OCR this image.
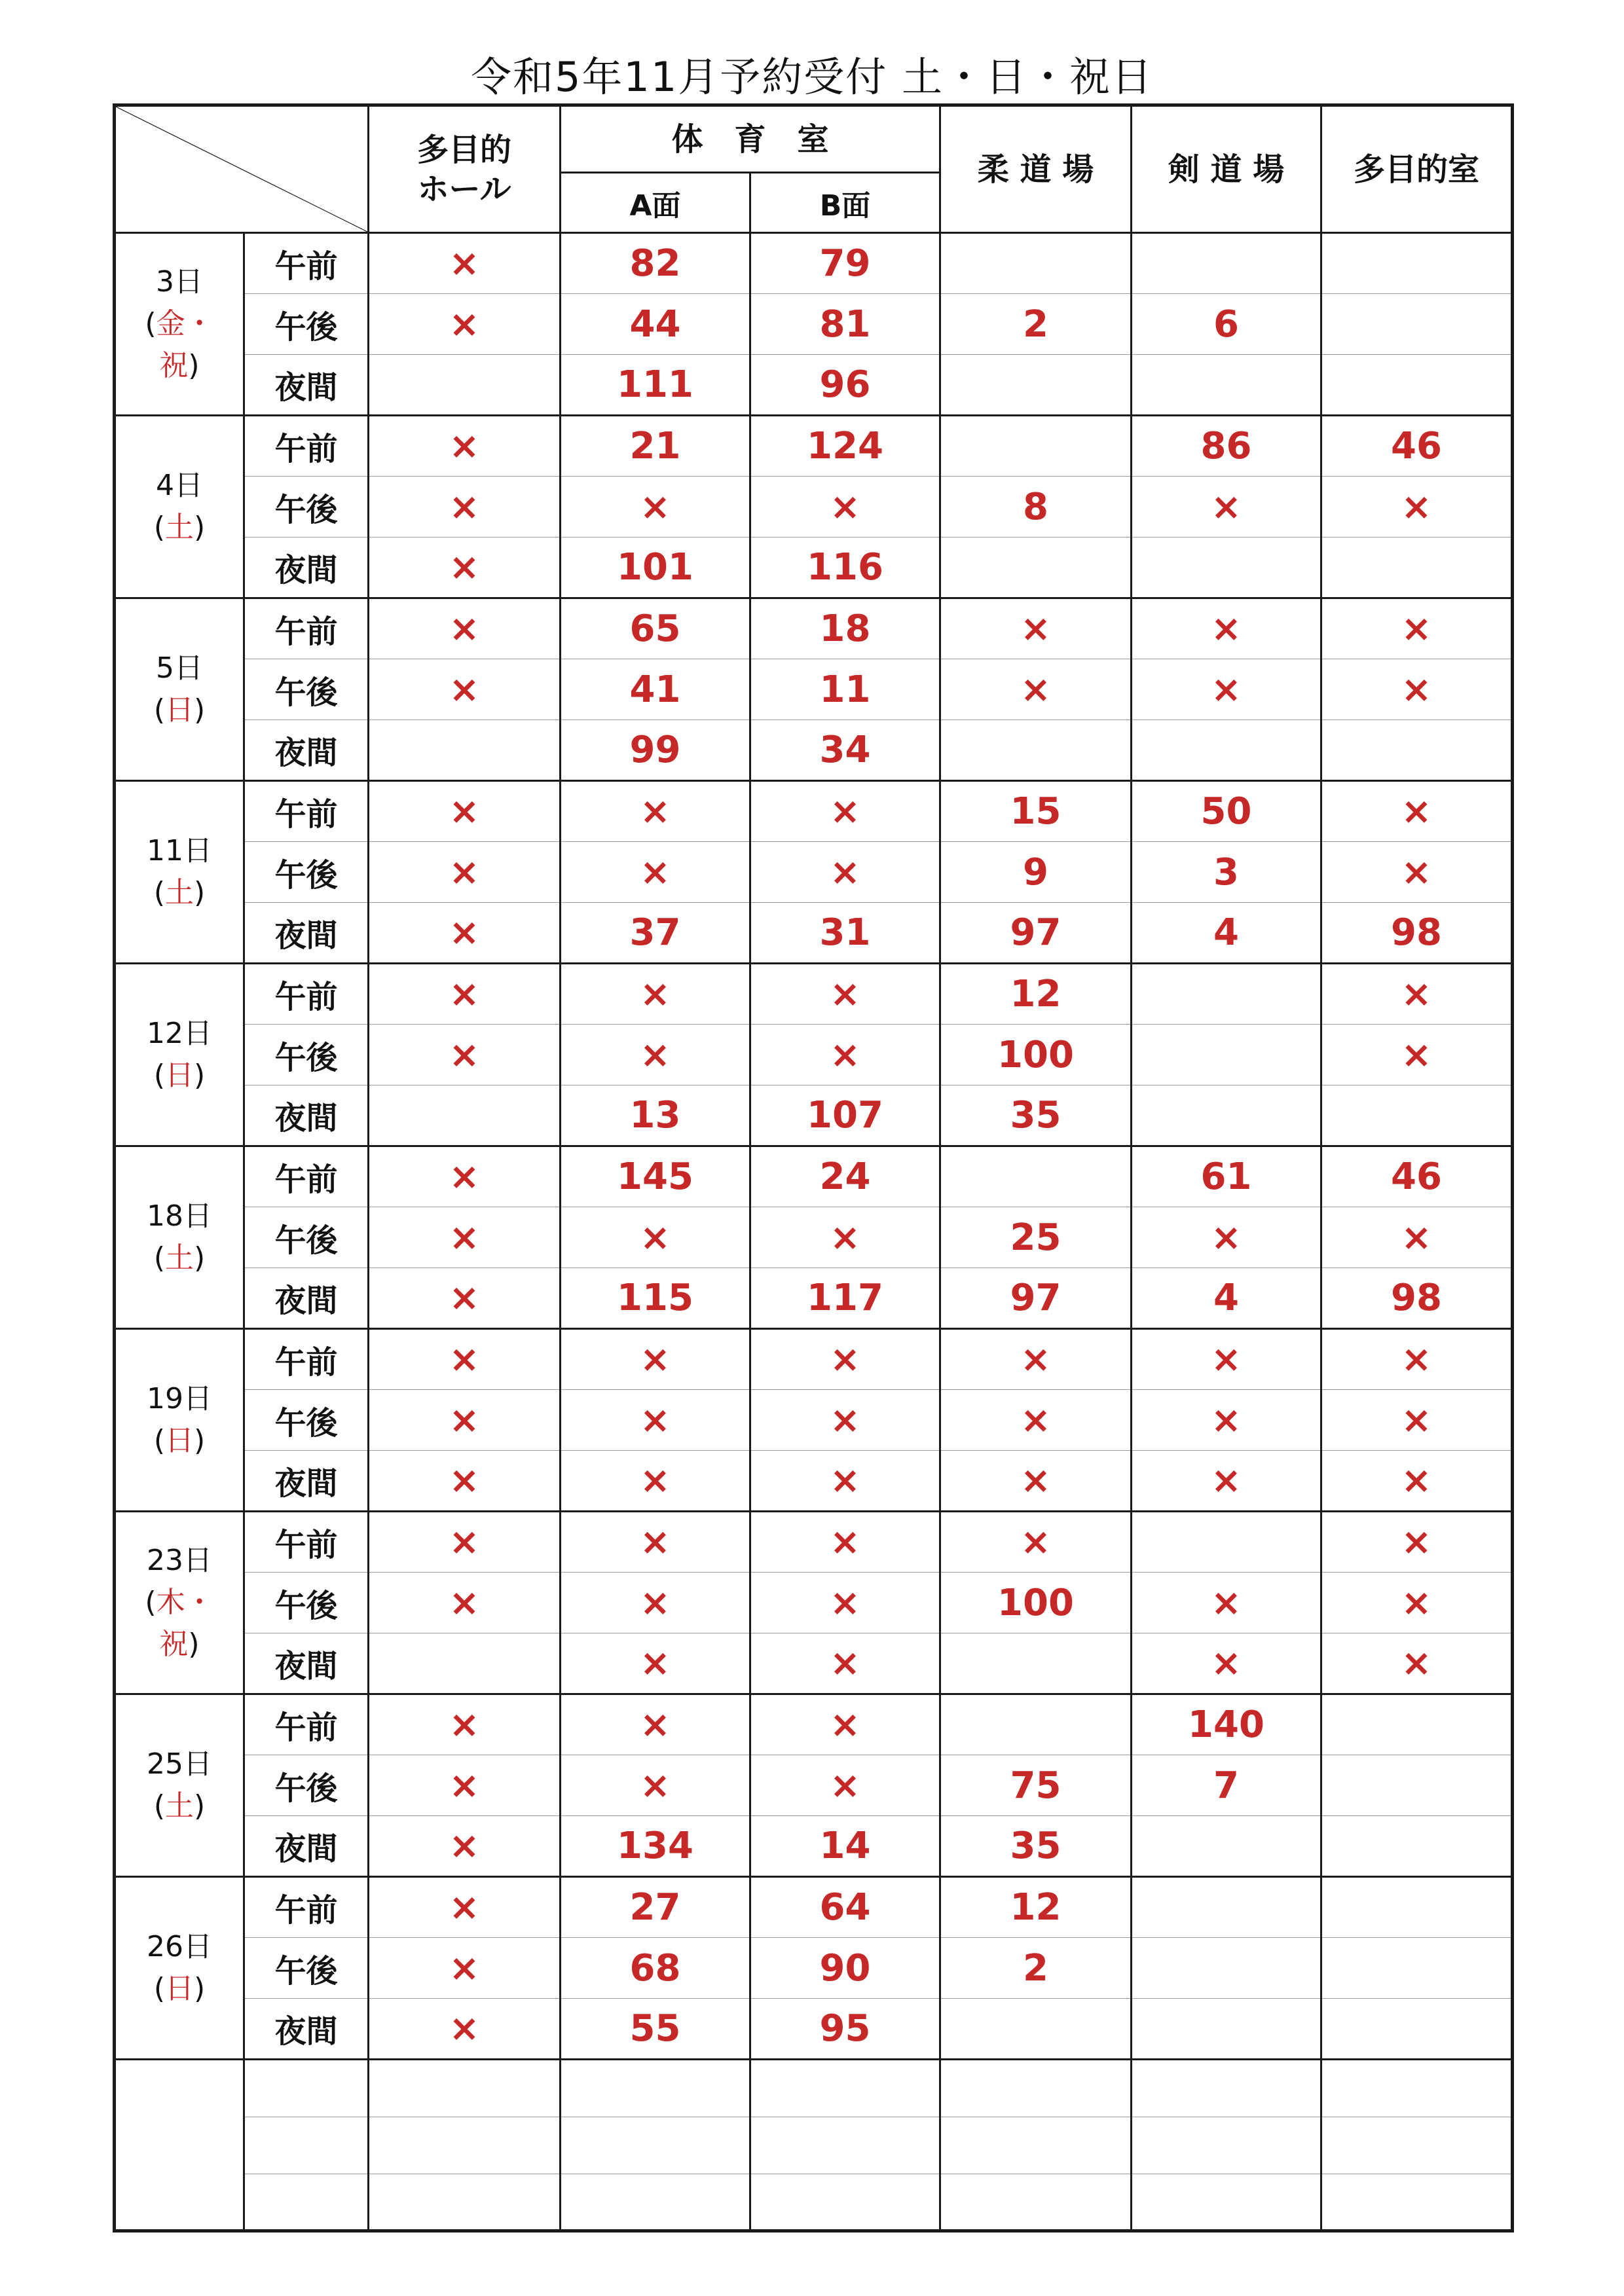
令和5年11月予約受付 土・日・祝日

多目的
ホール	体　育　室		柔 道 場	剣 道 場	多目的室
			A面	B面			

3日
(金・
祝)	午前	×	82	79			
	午後	×	44	81	2	6	
	夜間		111	96			

4日
(土)	午前	×	21	124		86	46
	午後	×	×	×	8	×	×
	夜間	×	101	116			

5日
(日)	午前	×	65	18	×	×	×
	午後	×	41	11	×	×	×
	夜間		99	34			

11日
(土)	午前	×	×	×	15	50	×
	午後	×	×	×	9	3	×
	夜間	×	37	31	97	4	98

12日
(日)	午前	×	×	×	12		×
	午後	×	×	×	100		×
	夜間		13	107	35		

18日
(土)	午前	×	145	24		61	46
	午後	×	×	×	25	×	×
	夜間	×	115	117	97	4	98

19日
(日)	午前	×	×	×	×	×	×
	午後	×	×	×	×	×	×
	夜間	×	×	×	×	×	×

23日
(木・
祝)	午前	×	×	×	×		×
	午後	×	×	×	100	×	×
	夜間		×	×		×	×

25日
(土)	午前	×	×	×		140	
	午後	×	×	×	75	7	
	夜間	×	134	14	35		

26日
(日)	午前	×	27	64	12		
	午後	×	68	90	2		
	夜間	×	55	95			
